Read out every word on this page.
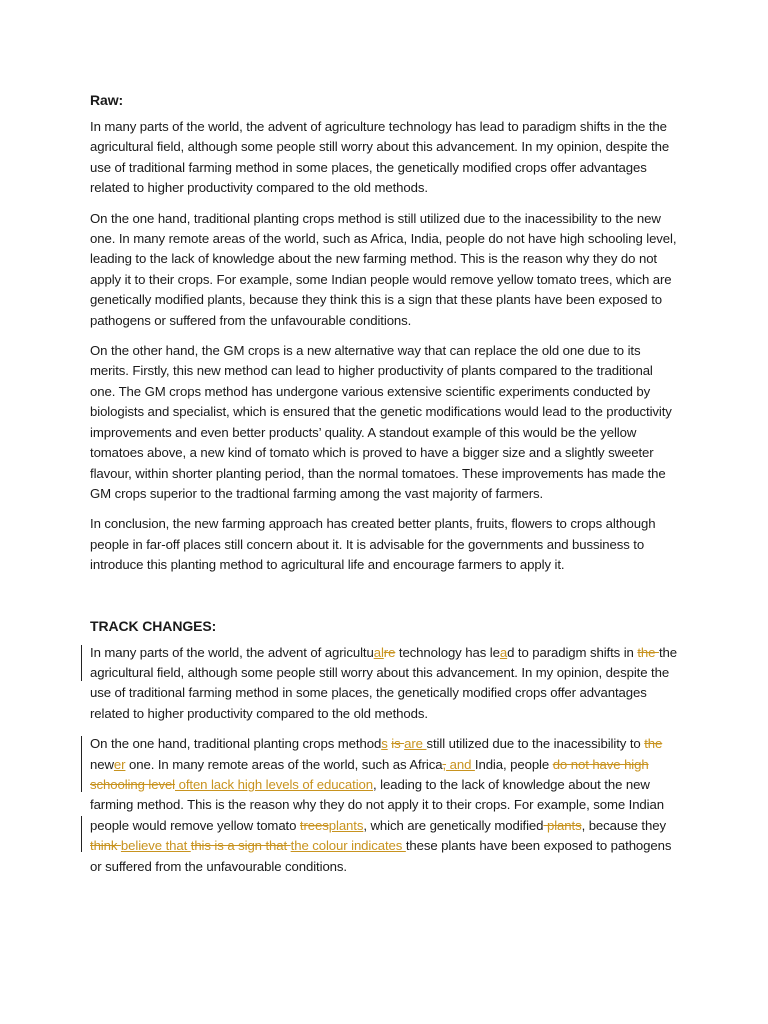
Raw:

In many parts of the world, the advent of agriculture technology has lead to paradigm shifts in the the agricultural field, although some people still worry about this advancement. In my opinion, despite the use of traditional farming method in some places, the genetically modified crops offer advantages related to higher productivity compared to the old methods.

On the one hand, traditional planting crops method is still utilized due to the inacessibility to the new one. In many remote areas of the world, such as Africa, India, people do not have high schooling level, leading to the lack of knowledge about the new farming method. This is the reason why they do not apply it to their crops. For example, some Indian people would remove yellow tomato trees, which are genetically modified plants, because they think this is a sign that these plants have been exposed to pathogens or suffered from the unfavourable conditions.

On the other hand, the GM crops is a new alternative way that can replace the old one due to its merits. Firstly, this new method can lead to higher productivity of plants compared to the traditional one. The GM crops method has undergone various extensive scientific experiments conducted by biologists and specialist, which is ensured that the genetic modifications would lead to the productivity improvements and even better products’ quality. A standout example of this would be the yellow tomatoes above, a new kind of tomato which is proved to have a bigger size and a slightly sweeter flavour, within shorter planting period, than the normal tomatoes. These improvements has made the GM crops superior to the tradtional farming among the vast majority of farmers.

In conclusion, the new farming approach has created better plants, fruits, flowers to crops although people in far-off places still concern about it. It is advisable for the governments and bussiness to introduce this planting method to agricultural life and encourage farmers to apply it.

TRACK CHANGES:

In many parts of the world, the advent of agricultualre technology has lead to paradigm shifts in the the agricultural field, although some people still worry about this advancement. In my opinion, despite the use of traditional farming method in some places, the genetically modified crops offer advantages related to higher productivity compared to the old methods.

On the one hand, traditional planting crops methods is are still utilized due to the inacessibility to the newer one. In many remote areas of the world, such as Africa, and India, people do not have high schooling level often lack high levels of education, leading to the lack of knowledge about the new farming method. This is the reason why they do not apply it to their crops. For example, some Indian people would remove yellow tomato treesplants, which are genetically modified plants, because they think believe that this is a sign that the colour indicates these plants have been exposed to pathogens or suffered from the unfavourable conditions.
